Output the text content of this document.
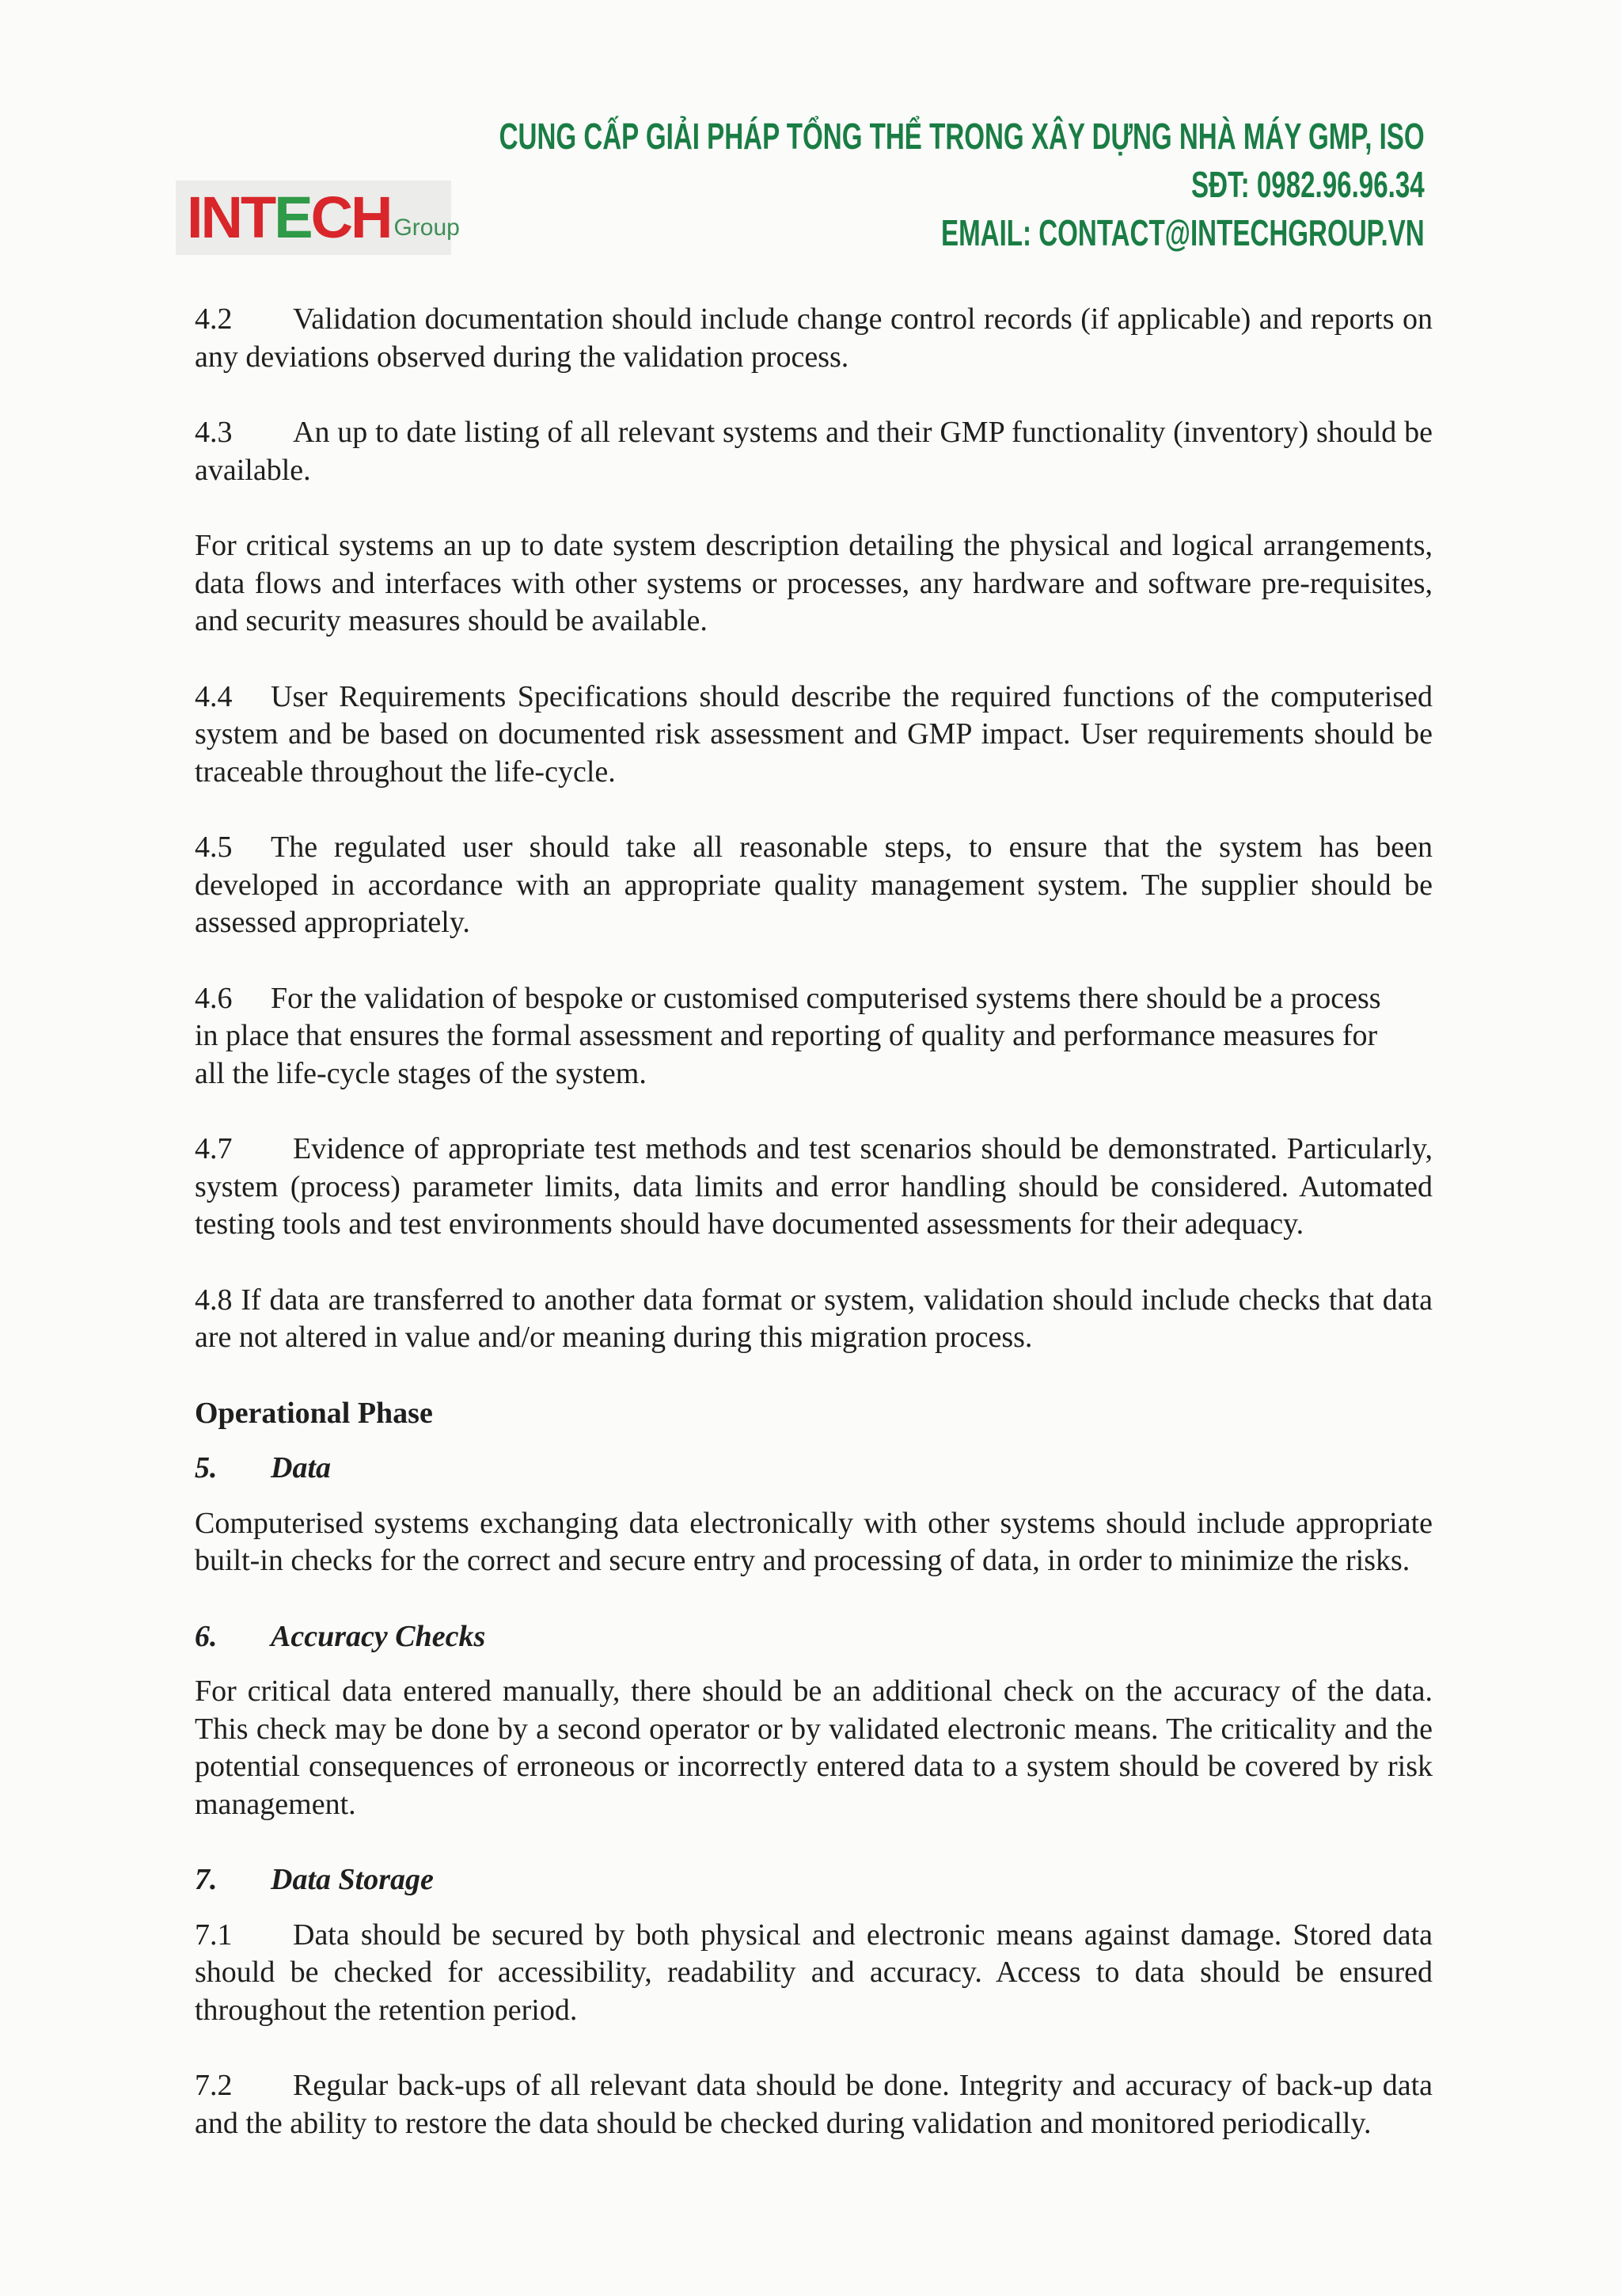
INTECH Group
CUNG CẤP GIẢI PHÁP TỔNG THỂ TRONG XÂY DỰNG NHÀ MÁY GMP, ISO
SĐT: 0982.96.96.34
EMAIL: CONTACT@INTECHGROUP.VN

4.2 Validation documentation should include change control records (if applicable) and reports on any deviations observed during the validation process.

4.3 An up to date listing of all relevant systems and their GMP functionality (inventory) should be available.

For critical systems an up to date system description detailing the physical and logical arrangements, data flows and interfaces with other systems or processes, any hardware and software pre-requisites, and security measures should be available.

4.4 User Requirements Specifications should describe the required functions of the computerised system and be based on documented risk assessment and GMP impact. User requirements should be traceable throughout the life-cycle.

4.5 The regulated user should take all reasonable steps, to ensure that the system has been developed in accordance with an appropriate quality management system. The supplier should be assessed appropriately.

4.6 For the validation of bespoke or customised computerised systems there should be a process in place that ensures the formal assessment and reporting of quality and performance measures for all the life-cycle stages of the system.

4.7 Evidence of appropriate test methods and test scenarios should be demonstrated. Particularly, system (process) parameter limits, data limits and error handling should be considered. Automated testing tools and test environments should have documented assessments for their adequacy.

4.8 If data are transferred to another data format or system, validation should include checks that data are not altered in value and/or meaning during this migration process.

Operational Phase

5. Data

Computerised systems exchanging data electronically with other systems should include appropriate built-in checks for the correct and secure entry and processing of data, in order to minimize the risks.

6. Accuracy Checks

For critical data entered manually, there should be an additional check on the accuracy of the data. This check may be done by a second operator or by validated electronic means. The criticality and the potential consequences of erroneous or incorrectly entered data to a system should be covered by risk management.

7. Data Storage

7.1 Data should be secured by both physical and electronic means against damage. Stored data should be checked for accessibility, readability and accuracy. Access to data should be ensured throughout the retention period.

7.2 Regular back-ups of all relevant data should be done. Integrity and accuracy of back-up data and the ability to restore the data should be checked during validation and monitored periodically.
